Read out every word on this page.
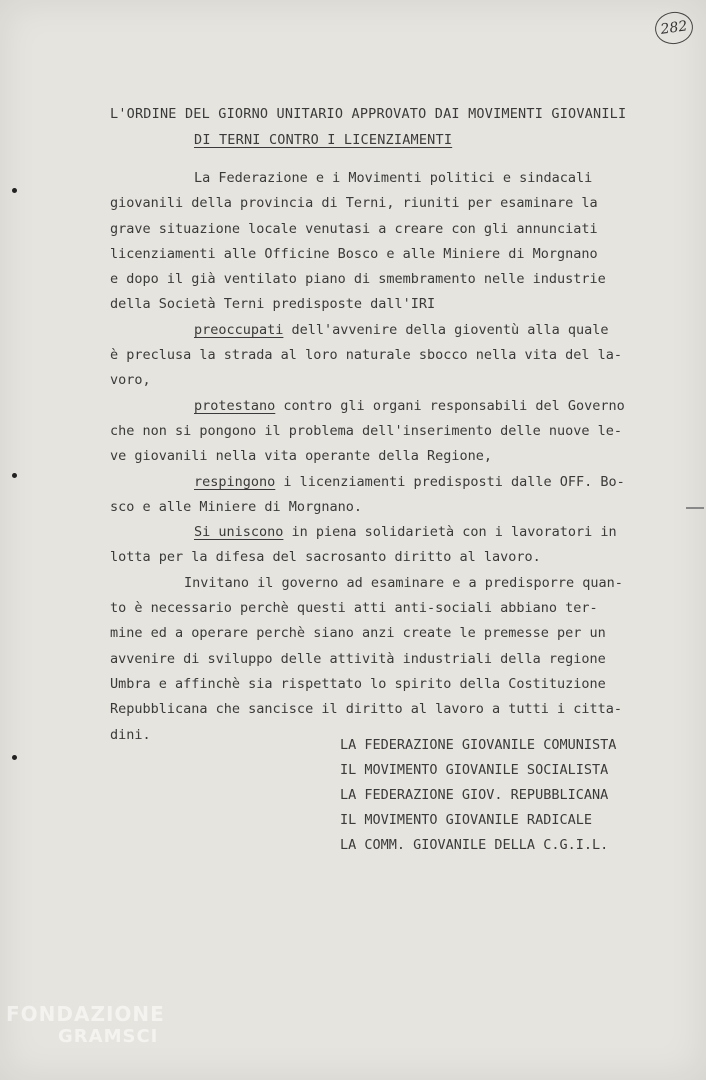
282
L'ORDINE DEL GIORNO UNITARIO APPROVATO DAI MOVIMENTI GIOVANILI
DI TERNI CONTRO I LICENZIAMENTI
La Federazione e i Movimenti politici e sindacali
giovanili della provincia di Terni, riuniti per esaminare la
grave situazione locale venutasi a creare con gli annunciati
licenziamenti alle Officine Bosco e alle Miniere di Morgnano
e dopo il già ventilato piano di smembramento nelle industrie
della Società Terni predisposte dall'IRI
preoccupati dell'avvenire della gioventù alla quale
è preclusa la strada al loro naturale sbocco nella vita del la-
voro,
protestano contro gli organi responsabili del Governo
che non si pongono il problema dell'inserimento delle nuove le-
ve giovanili nella vita operante della Regione,
respingono i licenziamenti predisposti dalle OFF. Bo-
sco e alle Miniere di Morgnano.
Si uniscono in piena solidarietà con i lavoratori in
lotta per la difesa del sacrosanto diritto al lavoro.
Invitano il governo ad esaminare e a predisporre quan-
to è necessario perchè questi atti anti-sociali abbiano ter-
mine ed a operare perchè siano anzi create le premesse per un
avvenire di sviluppo delle attività industriali della regione
Umbra e affinchè sia rispettato lo spirito della Costituzione
Repubblicana che sancisce il diritto al lavoro a tutti i citta-
dini.
LA FEDERAZIONE GIOVANILE COMUNISTA
IL MOVIMENTO GIOVANILE SOCIALISTA
LA FEDERAZIONE GIOV. REPUBBLICANA
IL MOVIMENTO GIOVANILE RADICALE
LA COMM. GIOVANILE DELLA C.G.I.L.
FONDAZIONE
GRAMSCI
